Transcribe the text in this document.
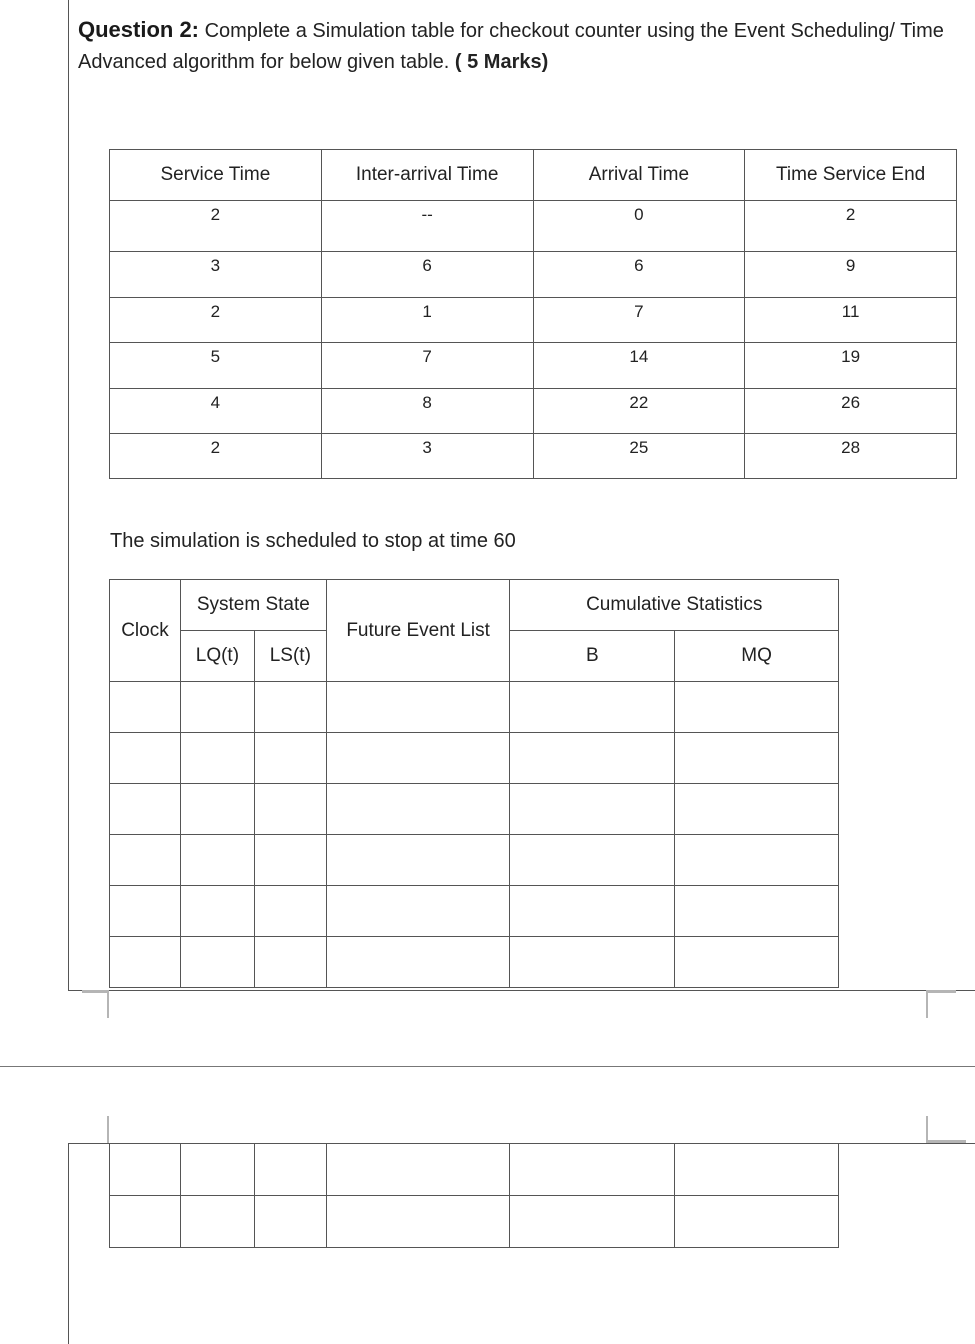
Question 2: Complete a Simulation table for checkout counter using the Event Scheduling/ Time Advanced algorithm for below given table. ( 5 Marks)
Service Time	Inter-arrival Time	Arrival Time	Time Service End
2	--	0	2
3	6	6	9
2	1	7	11
5	7	14	19
4	8	22	26
2	3	25	28
The simulation is scheduled to stop at time 60
Clock	System State		Future Event List	Cumulative Statistics	
	LQ(t)	LS(t)		B	MQ
